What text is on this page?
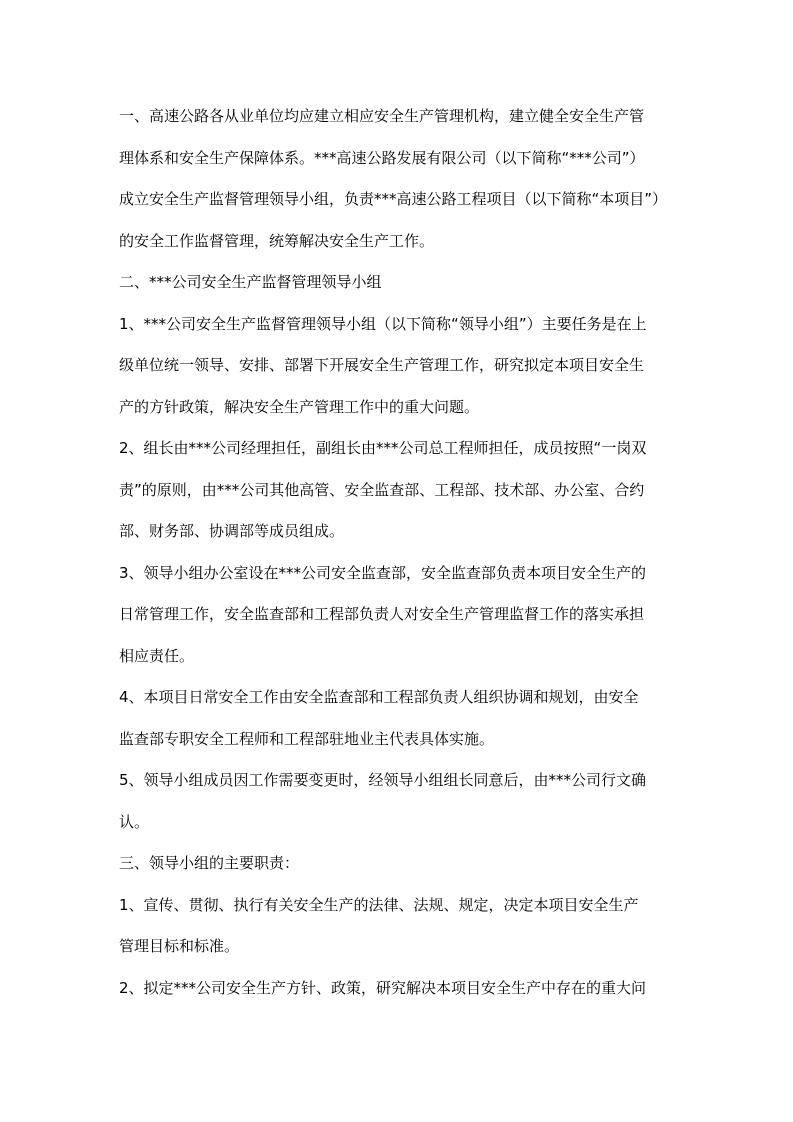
一、高速公路各从业单位均应建立相应安全生产管理机构，建立健全安全生产管

理体系和安全生产保障体系。***高速公路发展有限公司（以下简称“***公司”）

成立安全生产监督管理领导小组，负责***高速公路工程项目（以下简称“本项目”）

的安全工作监督管理，统筹解决安全生产工作。

二、***公司安全生产监督管理领导小组

1、***公司安全生产监督管理领导小组（以下简称“领导小组”）主要任务是在上

级单位统一领导、安排、部署下开展安全生产管理工作，研究拟定本项目安全生

产的方针政策，解决安全生产管理工作中的重大问题。

2、组长由***公司经理担任，副组长由***公司总工程师担任，成员按照“一岗双

责”的原则，由***公司其他高管、安全监查部、工程部、技术部、办公室、合约

部、财务部、协调部等成员组成。

3、领导小组办公室设在***公司安全监查部，安全监查部负责本项目安全生产的

日常管理工作，安全监查部和工程部负责人对安全生产管理监督工作的落实承担

相应责任。

4、本项目日常安全工作由安全监查部和工程部负责人组织协调和规划，由安全

监查部专职安全工程师和工程部驻地业主代表具体实施。

5、领导小组成员因工作需要变更时，经领导小组组长同意后，由***公司行文确

认。

三、领导小组的主要职责：

1、宣传、贯彻、执行有关安全生产的法律、法规、规定，决定本项目安全生产

管理目标和标准。

2、拟定***公司安全生产方针、政策，研究解决本项目安全生产中存在的重大问
